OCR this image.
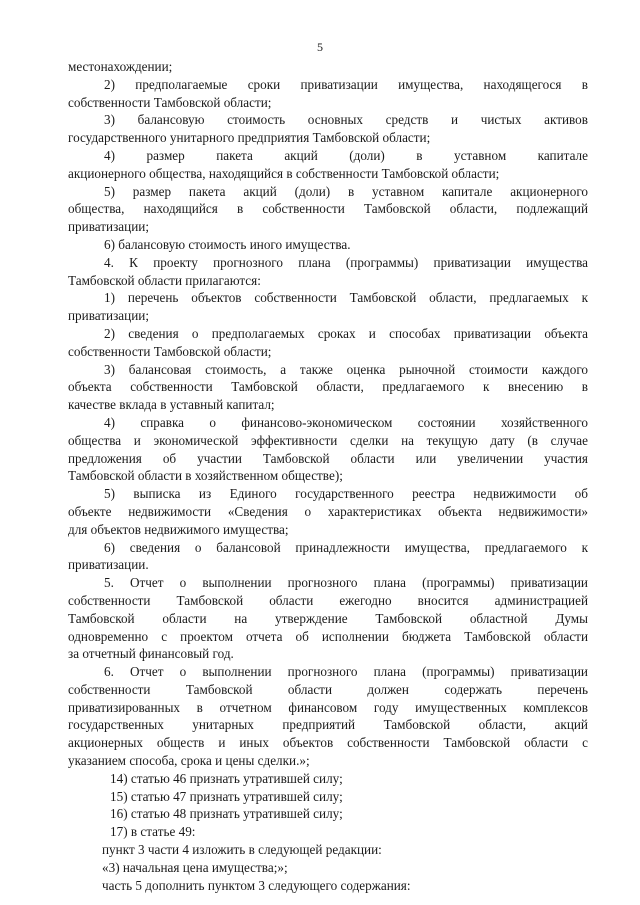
5
местонахождении;
2) предполагаемые сроки приватизации имущества, находящегося в
собственности Тамбовской области;
3) балансовую стоимость основных средств и чистых активов
государственного унитарного предприятия Тамбовской области;
4) размер пакета акций (доли) в уставном капитале
акционерного общества, находящийся в собственности Тамбовской области;
5) размер пакета акций (доли) в уставном капитале акционерного
общества, находящийся в собственности Тамбовской области, подлежащий
приватизации;
6) балансовую стоимость иного имущества.
4. К проекту прогнозного плана (программы) приватизации имущества
Тамбовской области прилагаются:
1) перечень объектов собственности Тамбовской области, предлагаемых к
приватизации;
2) сведения о предполагаемых сроках и способах приватизации объекта
собственности Тамбовской области;
3) балансовая стоимость, а также оценка рыночной стоимости каждого
объекта собственности Тамбовской области, предлагаемого к внесению в
качестве вклада в уставный капитал;
4) справка о финансово-экономическом состоянии хозяйственного
общества и экономической эффективности сделки на текущую дату (в случае
предложения об участии Тамбовской области или увеличении участия
Тамбовской области в хозяйственном обществе);
5) выписка из Единого государственного реестра недвижимости об
объекте недвижимости «Сведения о характеристиках объекта недвижимости»
для объектов недвижимого имущества;
6) сведения о балансовой принадлежности имущества, предлагаемого к
приватизации.
5. Отчет о выполнении прогнозного плана (программы) приватизации
собственности Тамбовской области ежегодно вносится администрацией
Тамбовской области на утверждение Тамбовской областной Думы
одновременно с проектом отчета об исполнении бюджета Тамбовской области
за отчетный финансовый год.
6. Отчет о выполнении прогнозного плана (программы) приватизации
собственности Тамбовской области должен содержать перечень
приватизированных в отчетном финансовом году имущественных комплексов
государственных унитарных предприятий Тамбовской области, акций
акционерных обществ и иных объектов собственности Тамбовской области с
указанием способа, срока и цены сделки.»;
14) статью 46 признать утратившей силу;
15) статью 47 признать утратившей силу;
16) статью 48 признать утратившей силу;
17) в статье 49:
пункт 3 части 4 изложить в следующей редакции:
«3) начальная цена имущества;»;
часть 5 дополнить пунктом 3 следующего содержания:
